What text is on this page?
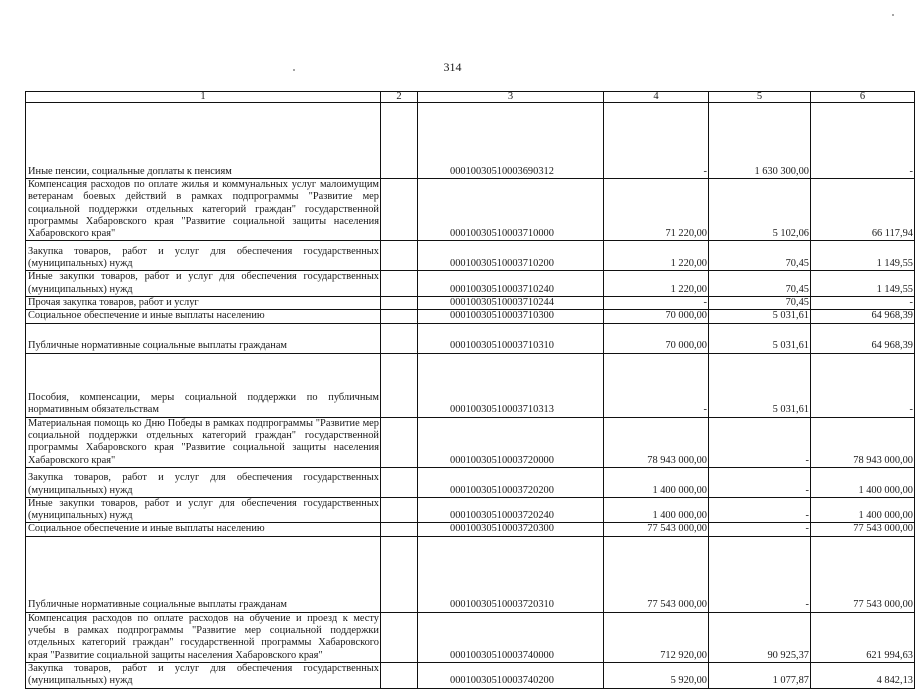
314
1	2	3	4	5	6
Иные пенсии, социальные доплаты к пенсиям		00010030510003690312	-	1 630 300,00	-
Компенсация расходов по оплате жилья и коммунальных услуг малоимущим ветеранам боевых действий в рамках подпрограммы "Развитие мер социальной поддержки отдельных категорий граждан" государственной программы Хабаровского края "Развитие социальной защиты населения Хабаровского края"		00010030510003710000	71 220,00	5 102,06	66 117,94
Закупка товаров, работ и услуг для обеспечения государственных (муниципальных) нужд		00010030510003710200	1 220,00	70,45	1 149,55
Иные закупки товаров, работ и услуг для обеспечения государственных (муниципальных) нужд		00010030510003710240	1 220,00	70,45	1 149,55
Прочая закупка товаров, работ и услуг		00010030510003710244	-	70,45	-
Социальное обеспечение и иные выплаты населению		00010030510003710300	70 000,00	5 031,61	64 968,39
Публичные нормативные социальные выплаты гражданам		00010030510003710310	70 000,00	5 031,61	64 968,39
Пособия, компенсации, меры социальной поддержки по публичным нормативным обязательствам		00010030510003710313	-	5 031,61	-
Материальная помощь ко Дню Победы в рамках подпрограммы "Развитие мер социальной поддержки отдельных категорий граждан" государственной программы Хабаровского края "Развитие социальной защиты населения Хабаровского края"		00010030510003720000	78 943 000,00	-	78 943 000,00
Закупка товаров, работ и услуг для обеспечения государственных (муниципальных) нужд		00010030510003720200	1 400 000,00	-	1 400 000,00
Иные закупки товаров, работ и услуг для обеспечения государственных (муниципальных) нужд		00010030510003720240	1 400 000,00	-	1 400 000,00
Социальное обеспечение и иные выплаты населению		00010030510003720300	77 543 000,00	-	77 543 000,00
Публичные нормативные социальные выплаты гражданам		00010030510003720310	77 543 000,00	-	77 543 000,00
Компенсация расходов по оплате расходов на обучение и проезд к месту учебы в рамках подпрограммы "Развитие мер социальной поддержки отдельных категорий граждан" государственной программы Хабаровского края "Развитие социальной защиты населения Хабаровского края"		00010030510003740000	712 920,00	90 925,37	621 994,63
Закупка товаров, работ и услуг для обеспечения государственных (муниципальных) нужд		00010030510003740200	5 920,00	1 077,87	4 842,13
